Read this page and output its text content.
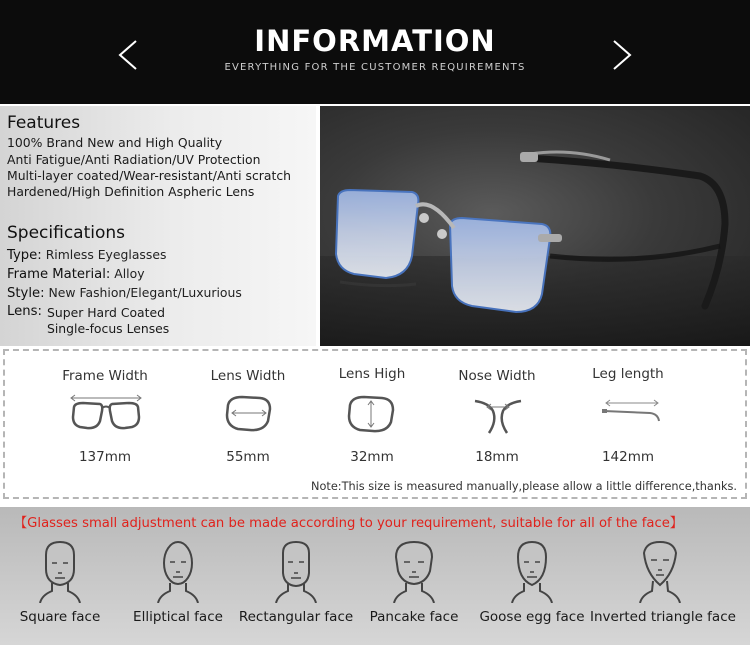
INFORMATION
EVERYTHING FOR THE CUSTOMER REQUIREMENTS
Features
100% Brand New and High Quality
Anti Fatigue/Anti Radiation/UV Protection
Multi-layer coated/Wear-resistant/Anti scratch
Hardened/High Definition Aspheric Lens
Specifications
Type: Rimless Eyeglasses
Frame Material: Alloy
Style: New Fashion/Elegant/Luxurious
Lens: Super Hard Coated
Single-focus Lenses
Frame Width
137mm
Lens Width
55mm
Lens High
32mm
Nose Width
18mm
Leg length
142mm
Note:This size is measured manually,please allow a little difference,thanks.
【Glasses small adjustment can be made according to your requirement, suitable for all of the face】
Square face	Elliptical face	Rectangular face	Pancake face	Goose egg face Inverted triangle face
